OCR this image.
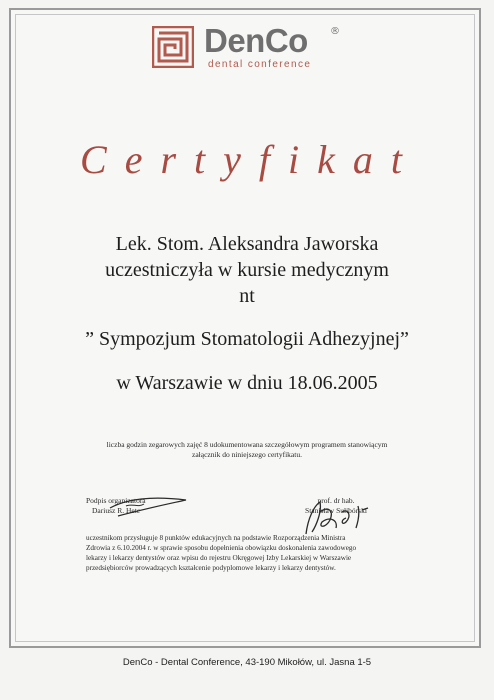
DenCo ®
dental conference
Certyfikat
Lek. Stom. Aleksandra Jaworska
uczestniczyła w kursie medycznym
nt
” Sympozjum Stomatologii Adhezyjnej”
w Warszawie w dniu 18.06.2005
liczba godzin zegarowych zajęć 8 udokumentowana szczegółowym programem stanowiącym
załącznik do niniejszego certyfikatu.
Podpis organizatora
Dariusz R. Hetc
prof. dr hab.
Stanisław Sulibórski
uczestnikom przysługuje 8 punktów edukacyjnych na podstawie Rozporządzenia Ministra
Zdrowia z 6.10.2004 r. w sprawie sposobu dopełnienia obowiązku doskonalenia zawodowego
lekarzy i lekarzy dentystów oraz wpisu do rejestru Okręgowej Izby Lekarskiej w Warszawie
przedsiębiorców prowadzących kształcenie podyplomowe lekarzy i lekarzy dentystów.
DenCo - Dental Conference, 43-190 Mikołów, ul. Jasna 1-5
